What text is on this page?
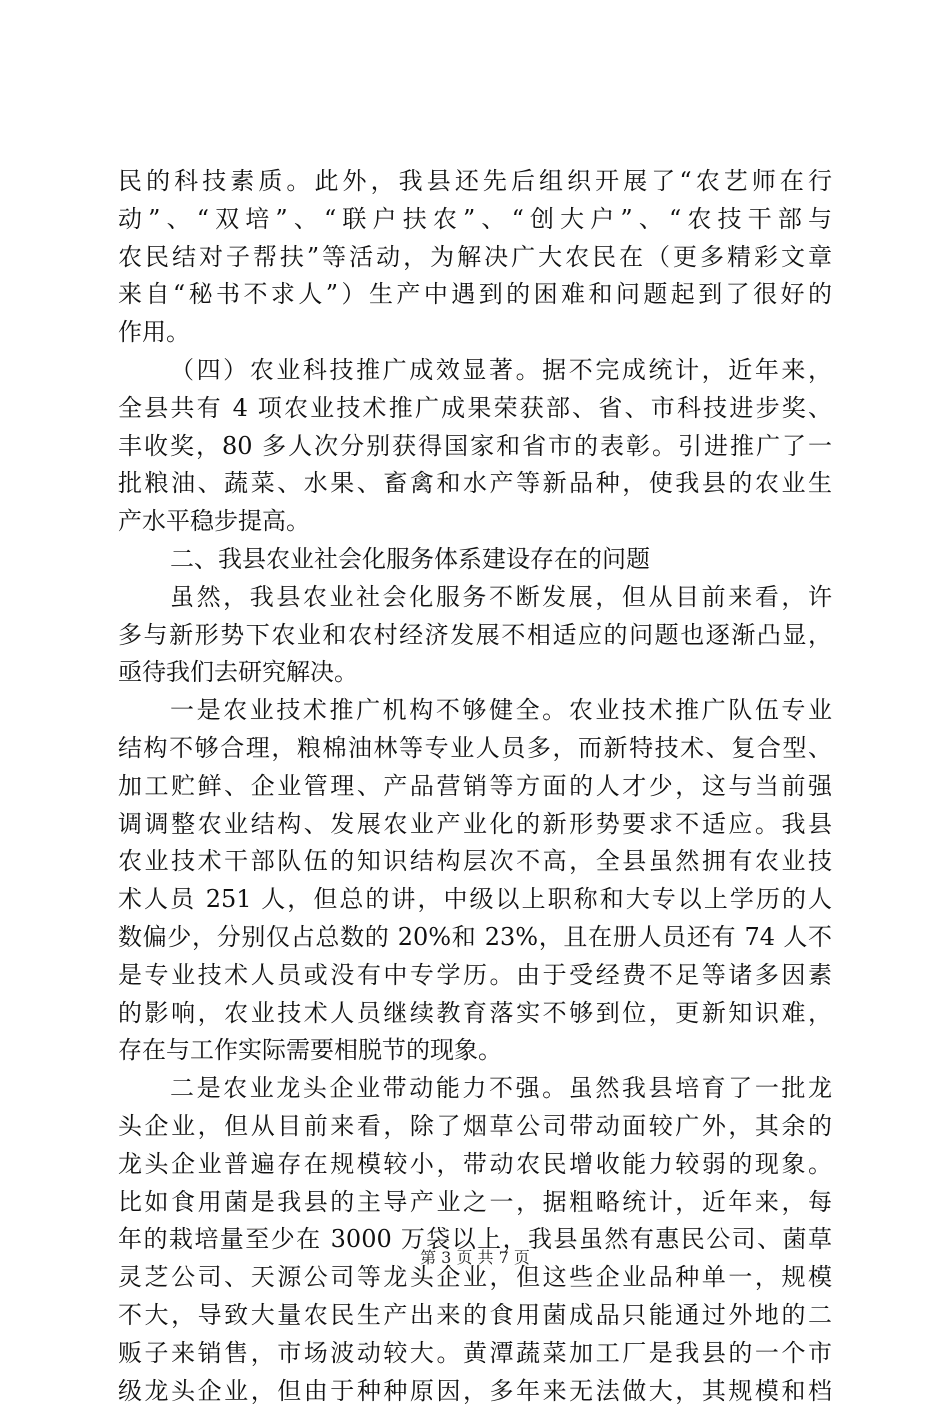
民的科技素质。此外，我县还先后组织开展了“农艺师在行
动”、“双培”、“联户扶农”、“创大户”、“农技干部与
农民结对子帮扶”等活动，为解决广大农民在（更多精彩文章
来自“秘书不求人”）生产中遇到的困难和问题起到了很好的
作用。
（四）农业科技推广成效显著。据不完成统计，近年来，
全县共有 4 项农业技术推广成果荣获部、省、市科技进步奖、
丰收奖，80 多人次分别获得国家和省市的表彰。引进推广了一
批粮油、蔬菜、水果、畜禽和水产等新品种，使我县的农业生
产水平稳步提高。
二、我县农业社会化服务体系建设存在的问题
虽然，我县农业社会化服务不断发展，但从目前来看，许
多与新形势下农业和农村经济发展不相适应的问题也逐渐凸显，
亟待我们去研究解决。
一是农业技术推广机构不够健全。农业技术推广队伍专业
结构不够合理，粮棉油林等专业人员多，而新特技术、复合型、
加工贮鲜、企业管理、产品营销等方面的人才少，这与当前强
调调整农业结构、发展农业产业化的新形势要求不适应。我县
农业技术干部队伍的知识结构层次不高，全县虽然拥有农业技
术人员 251 人，但总的讲，中级以上职称和大专以上学历的人
数偏少，分别仅占总数的 20%和 23%，且在册人员还有 74 人不
是专业技术人员或没有中专学历。由于受经费不足等诸多因素
的影响，农业技术人员继续教育落实不够到位，更新知识难，
存在与工作实际需要相脱节的现象。
二是农业龙头企业带动能力不强。虽然我县培育了一批龙
头企业，但从目前来看，除了烟草公司带动面较广外，其余的
龙头企业普遍存在规模较小，带动农民增收能力较弱的现象。
比如食用菌是我县的主导产业之一，据粗略统计，近年来，每
年的栽培量至少在 3000 万袋以上，我县虽然有惠民公司、菌草
灵芝公司、天源公司等龙头企业，但这些企业品种单一，规模
不大，导致大量农民生产出来的食用菌成品只能通过外地的二
贩子来销售，市场波动较大。黄潭蔬菜加工厂是我县的一个市
级龙头企业，但由于种种原因，多年来无法做大，其规模和档
第 3 页 共 7 页
